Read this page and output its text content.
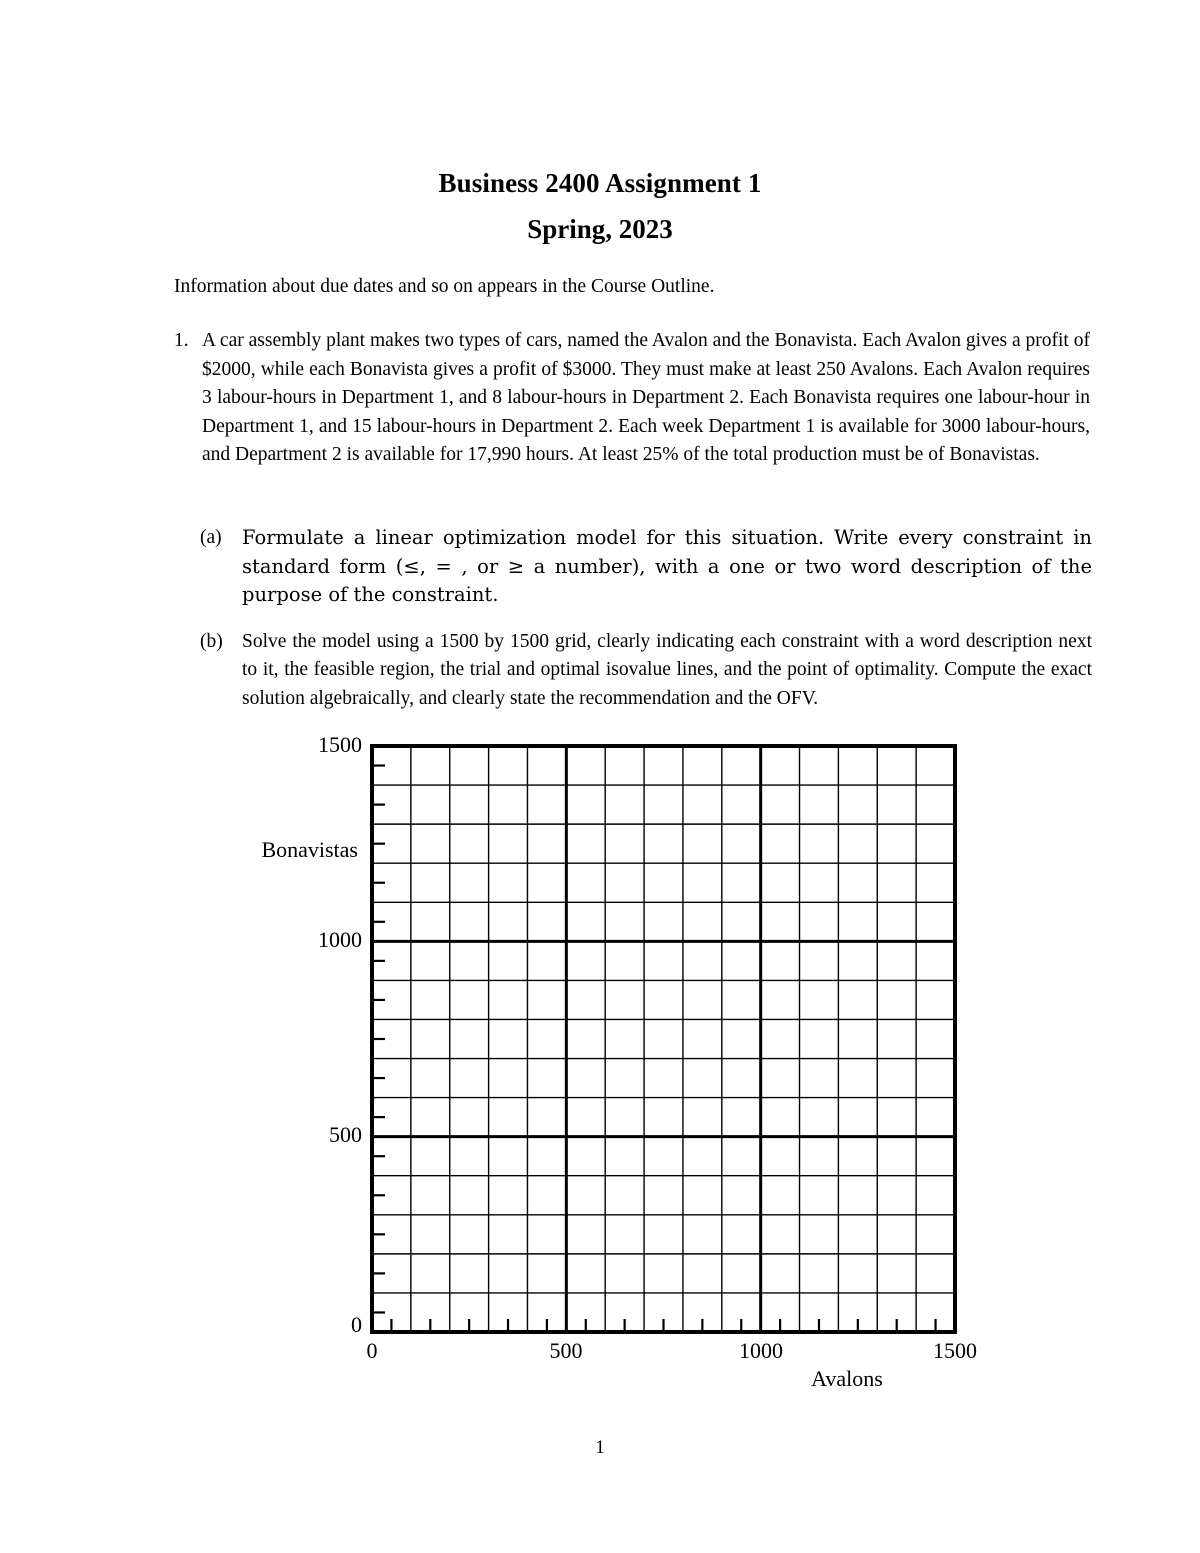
Business 2400 Assignment 1
Spring, 2023
Information about due dates and so on appears in the Course Outline.
1. A car assembly plant makes two types of cars, named the Avalon and the Bonavista. Each Avalon gives a profit of $2000, while each Bonavista gives a profit of $3000. They must make at least 250 Avalons. Each Avalon requires 3 labour-hours in Department 1, and 8 labour-hours in Department 2. Each Bonavista requires one labour-hour in Department 1, and 15 labour-hours in Department 2. Each week Department 1 is available for 3000 labour-hours, and Department 2 is available for 17,990 hours. At least 25% of the total production must be of Bonavistas.
(a)	Formulate a linear optimization model for this situation. Write every constraint in standard form (≤, = , or ≥ a number), with a one or two word description of the purpose of the constraint.
(b) Solve the model using a 1500 by 1500 grid, clearly indicating each constraint with a word description next to it, the feasible region, the trial and optimal isovalue lines, and the point of optimality. Compute the exact solution algebraically, and clearly state the recommendation and the OFV.
1500
1000
500
0
0	500	1000	1500
Bonavistas
Avalons
1
